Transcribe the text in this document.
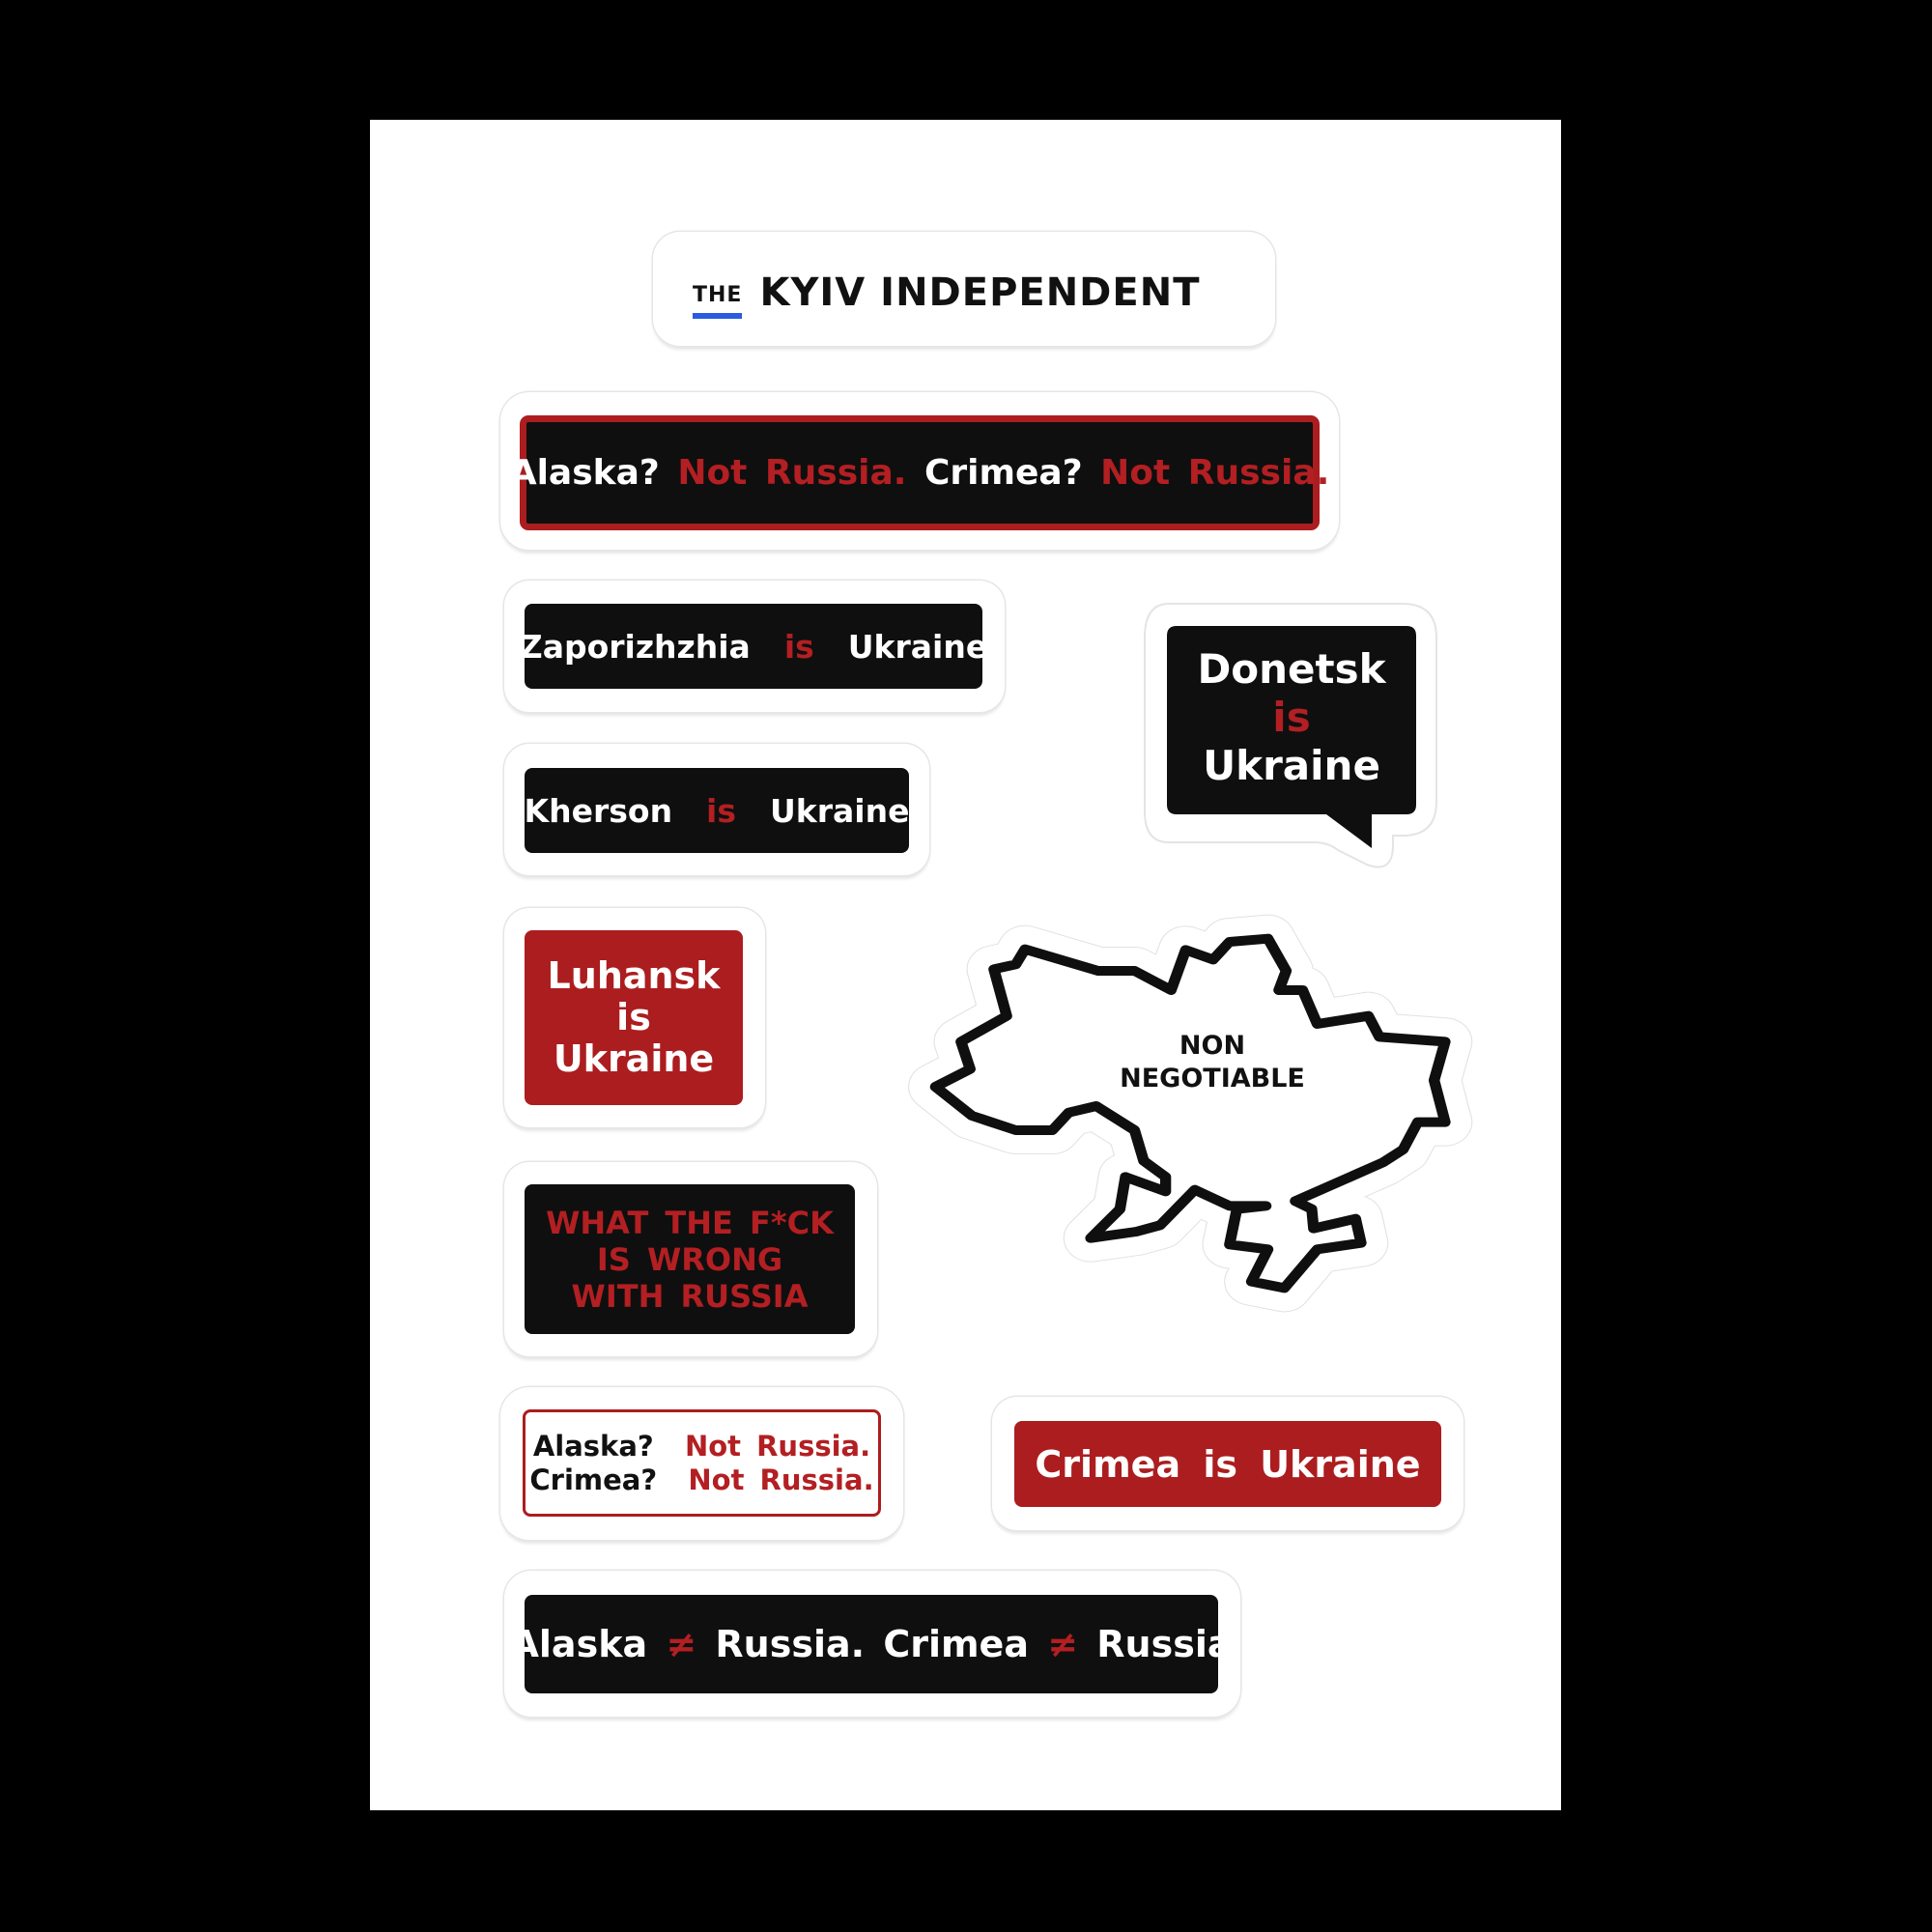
THE KYIV INDEPENDENT
Alaska?
Not Russia.
Crimea?
Not Russia.
Zaporizhzhia
is
Ukraine
Kherson
is
Ukraine
Donetsk
is
Ukraine
Luhansk
is
Ukraine	NON
NEGOTIABLE
WHAT THE F*CK
IS WRONG
WITH RUSSIA
Alaska? Not Russia.
Crimea? Not Russia.	Crimea is Ukraine
Alaska
≠
Russia.
Crimea
≠
Russia
